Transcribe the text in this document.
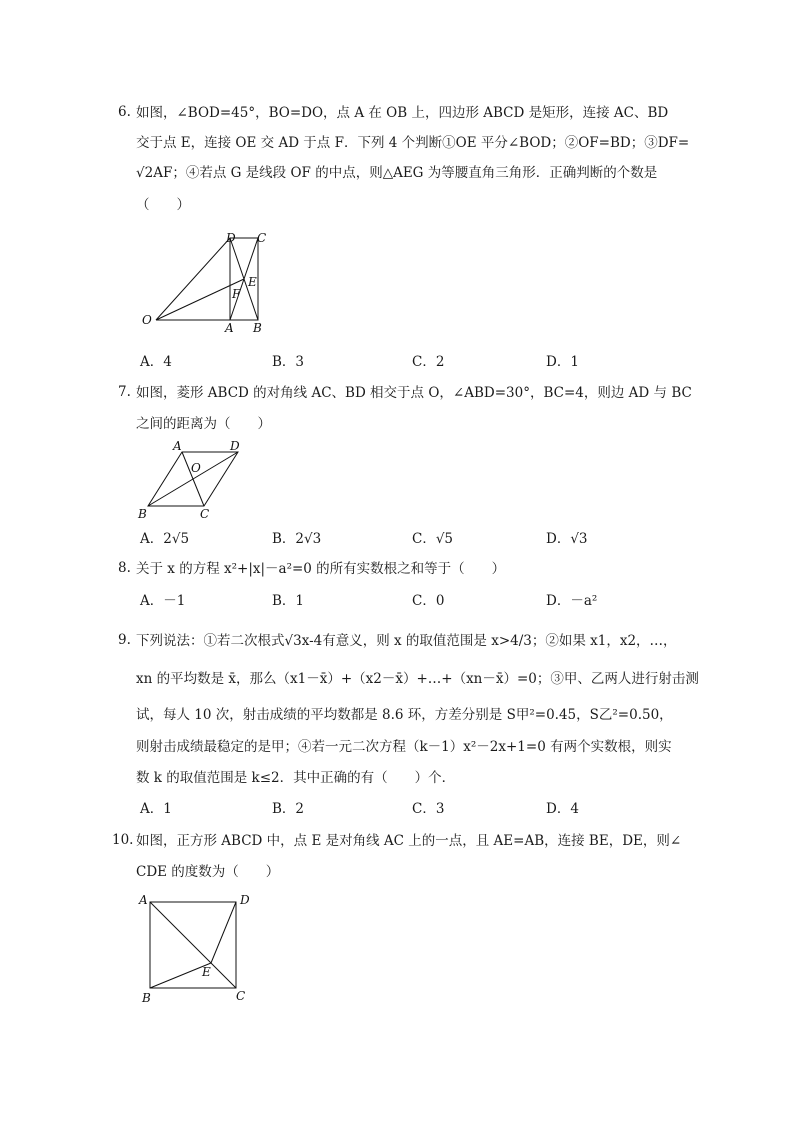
6. 如图，∠BOD=45°，BO=DO，点 A 在 OB 上，四边形 ABCD 是矩形，连接 AC、BD
交于点 E，连接 OE 交 AD 于点 F．下列 4 个判断①OE 平分∠BOD；②OF=BD；③DF=
√2AF；④若点 G 是线段 OF 的中点，则△AEG 为等腰直角三角形．正确判断的个数是
（　　）
D C
E
F
O
A B
A．4	B．3	C．2	D．1
7. 如图，菱形 ABCD 的对角线 AC、BD 相交于点 O，∠ABD=30°，BC=4，则边 AD 与 BC
之间的距离为（　　）
A	D
O
B	C
A．2√5	B．2√3	C．√5	D．√3
8. 关于 x 的方程 x²+|x|－a²=0 的所有实数根之和等于（　　）
A．－1	B．1	C．0	D．－a²
9. 下列说法：①若二次根式√3x-4有意义，则 x 的取值范围是 x>4/3；②如果 x1，x2，…，
xn 的平均数是 x̄，那么（x1－x̄）+（x2－x̄）+…+（xn－x̄）=0；③甲、乙两人进行射击测
试，每人 10 次，射击成绩的平均数都是 8.6 环，方差分别是 S甲²=0.45，S乙²=0.50，
则射击成绩最稳定的是甲；④若一元二次方程（k－1）x²－2x+1=0 有两个实数根，则实
数 k 的取值范围是 k≤2．其中正确的有（　　）个．
A．1	B．2	C．3	D．4
10. 如图，正方形 ABCD 中，点 E 是对角线 AC 上的一点，且 AE=AB，连接 BE，DE，则∠
CDE 的度数为（　　）
A	D
E
B	C
